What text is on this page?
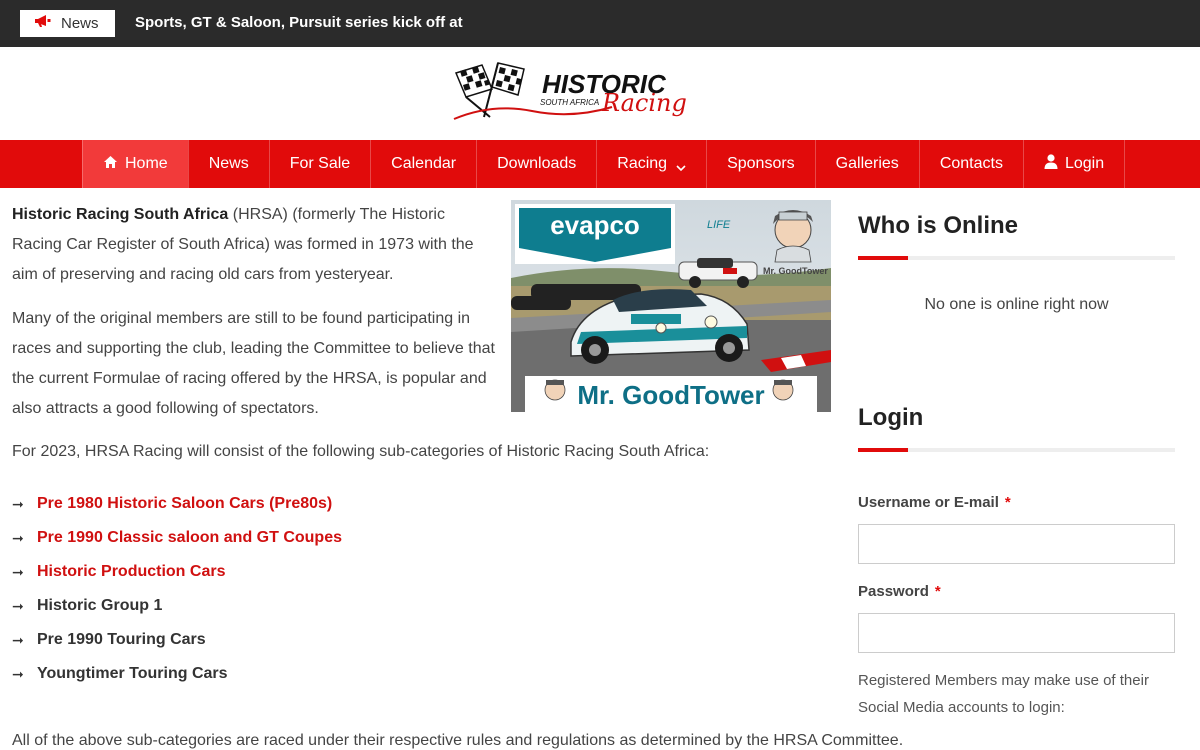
News Sports, GT & Saloon, Pursuit series kick off at
HISTORIC
SOUTH AFRICA Racing
Home	News	For Sale	Calendar	Downloads	Racing	Sponsors	Galleries	Contacts	Login

Historic Racing South Africa (HRSA) (formerly The Historic Racing Car Register of South Africa) was formed in 1973 with the aim of preserving and racing old cars from yesteryear.

Many of the original members are still to be found participating in races and supporting the club, leading the Committee to believe that the current Formulae of racing offered by the HRSA, is popular and also attracts a good following of spectators.

evapco	LIFE
Mr. GoodTower
Mr. GoodTower

For 2023, HRSA Racing will consist of the following sub-categories of Historic Racing South Africa:

➞ Pre 1980 Historic Saloon Cars (Pre80s)
➞ Pre 1990 Classic saloon and GT Coupes
➞ Historic Production Cars
➞ Historic Group 1
➞ Pre 1990 Touring Cars
➞ Youngtimer Touring Cars

All of the above sub-categories are raced under their respective rules and regulations as determined by the HRSA Committee.

Who is Online

No one is online right now

Login
Username or E-mail *
Password *

Registered Members may make use of their Social Media accounts to login:
